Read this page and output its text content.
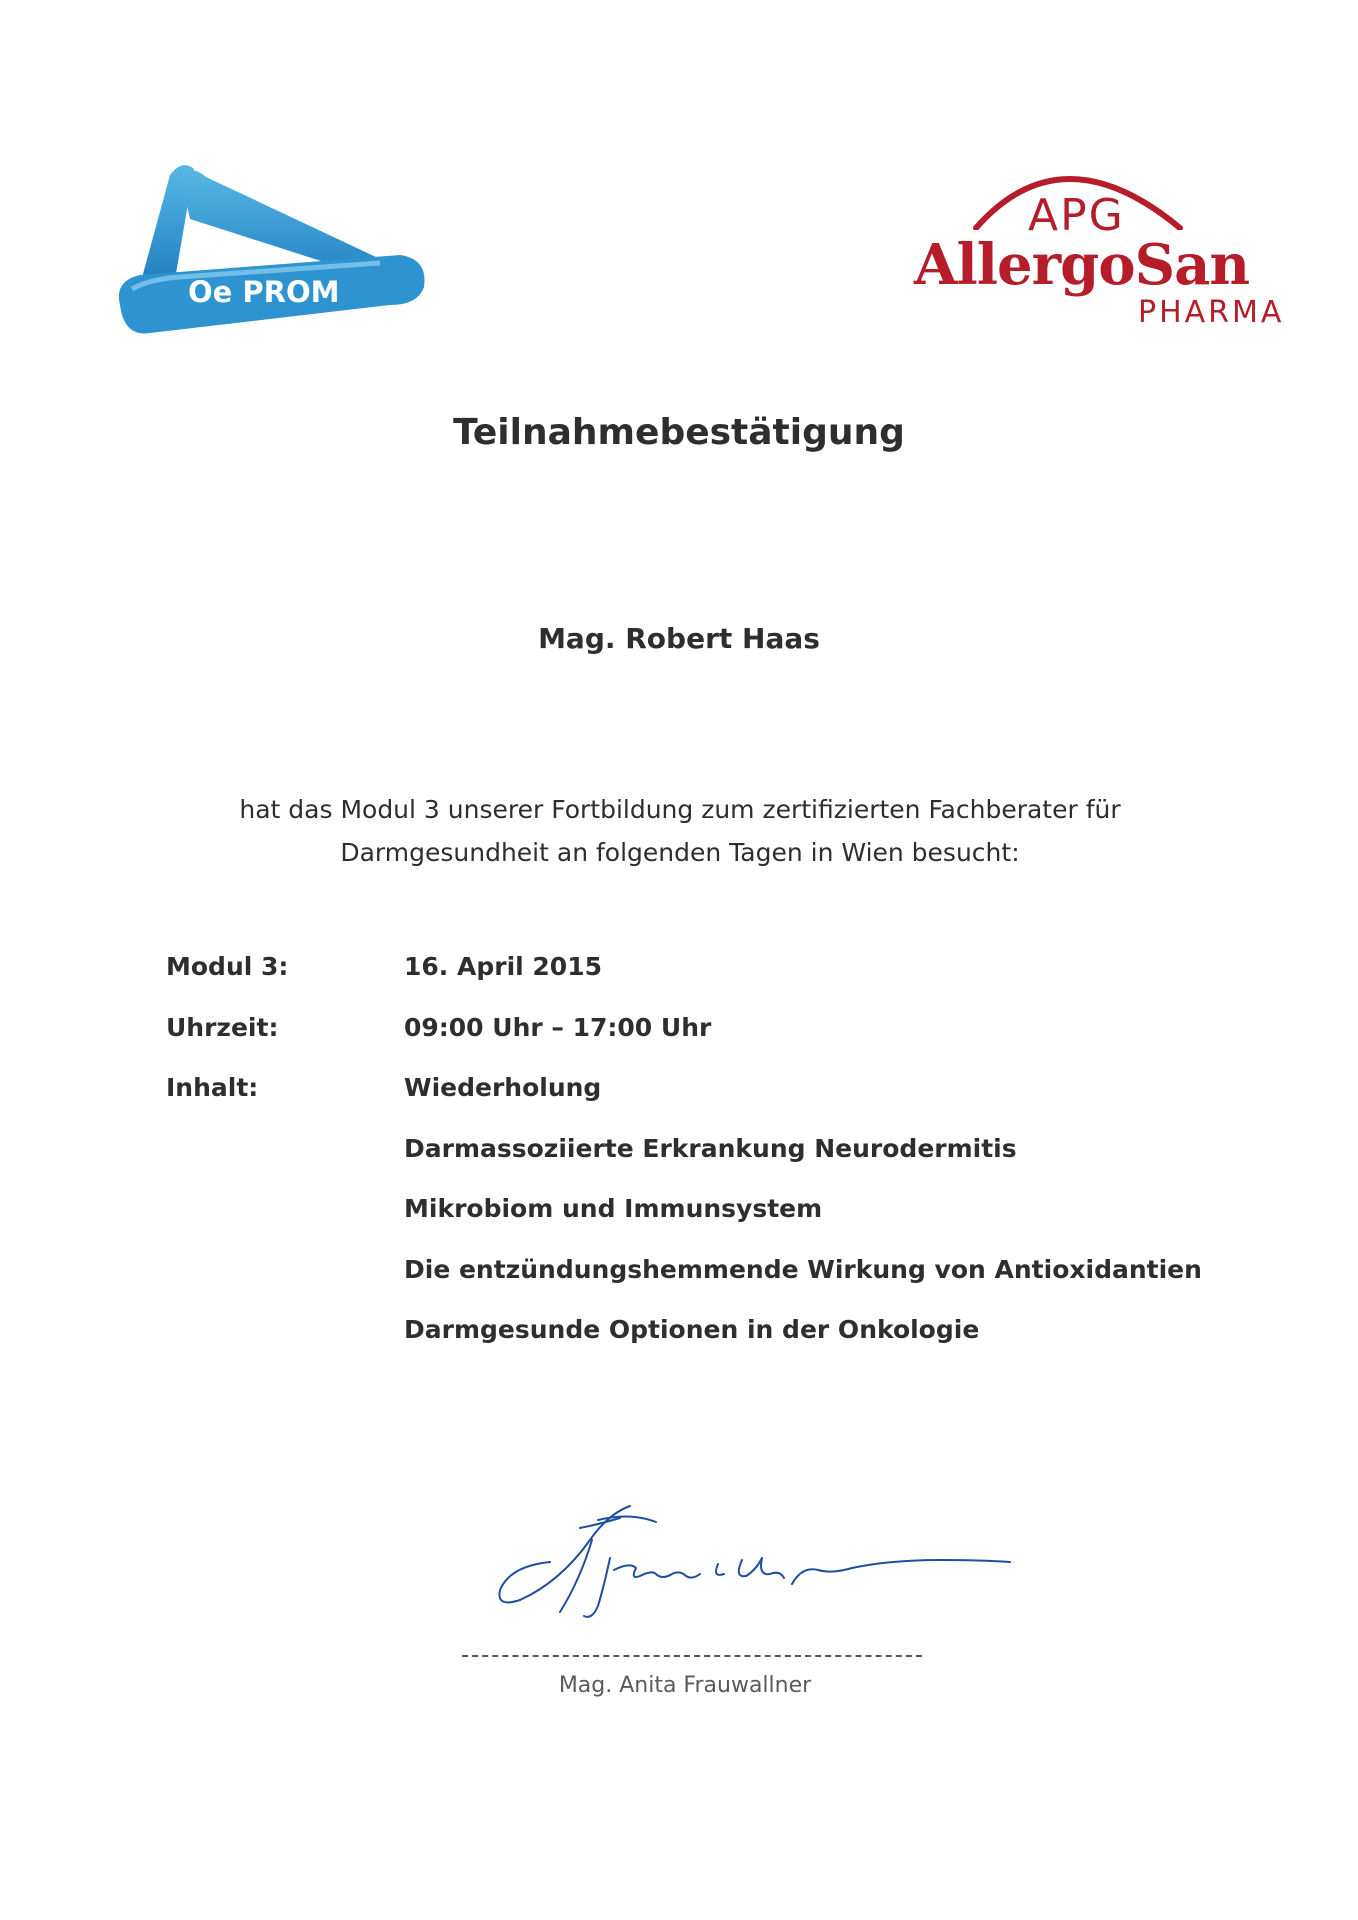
Oe PROM
APG
AllergoSan
PHARMA
Teilnahmebestätigung
Mag. Robert Haas
hat das Modul 3 unserer Fortbildung zum zertifizierten Fachberater für
Darmgesundheit an folgenden Tagen in Wien besucht:
Modul 3:	16. April 2015
Uhrzeit:	09:00 Uhr – 17:00 Uhr
Inhalt:	Wiederholung
Darmassoziierte Erkrankung Neurodermitis
Mikrobiom und Immunsystem
Die entzündungshemmende Wirkung von Antioxidantien
Darmgesunde Optionen in der Onkologie
Mag. Anita Frauwallner
